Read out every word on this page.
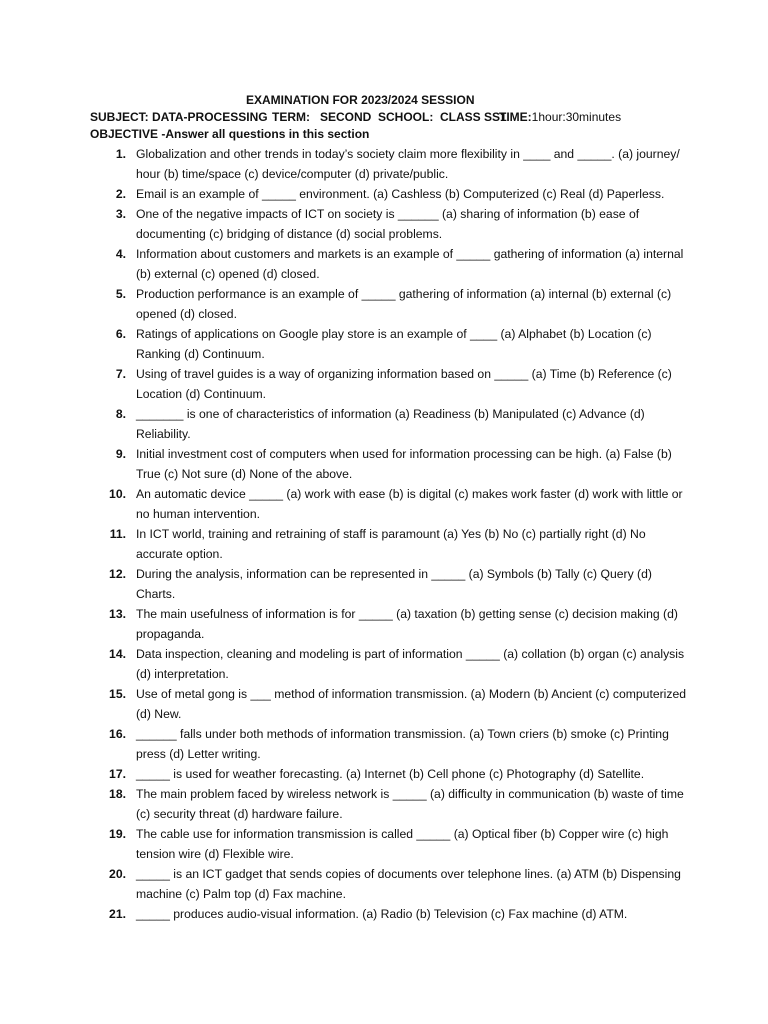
EXAMINATION FOR 2023/2024 SESSION
SUBJECT: DATA-PROCESSING TERM:   SECOND SCHOOL:  CLASS SS1TIME:1hour:30minutes
OBJECTIVE -Answer all questions in this section
1. Globalization and other trends in today’s society claim more flexibility in ____ and _____. (a) journey/ hour (b) time/space (c) device/computer (d) private/public.
2. Email is an example of _____ environment. (a) Cashless (b) Computerized (c) Real (d) Paperless.
3. One of the negative impacts of ICT on society is ______ (a) sharing of information (b) ease of documenting (c) bridging of distance (d) social problems.
4. Information about customers and markets is an example of _____ gathering of information (a) internal (b) external (c) opened (d) closed.
5. Production performance is an example of _____ gathering of information (a) internal (b) external (c) opened (d) closed.
6. Ratings of applications on Google play store is an example of ____ (a) Alphabet (b) Location (c) Ranking (d) Continuum.
7. Using of travel guides is a way of organizing information based on _____ (a) Time (b) Reference (c) Location (d) Continuum.
8. _______ is one of characteristics of information (a) Readiness (b) Manipulated (c) Advance (d) Reliability.
9. Initial investment cost of computers when used for information processing can be high. (a) False (b) True (c) Not sure (d) None of the above.
10. An automatic device _____ (a) work with ease (b) is digital (c) makes work faster (d) work with little or no human intervention.
11. In ICT world, training and retraining of staff is paramount (a) Yes (b) No (c) partially right (d) No accurate option.
12. During the analysis, information can be represented in _____ (a) Symbols (b) Tally (c) Query (d) Charts.
13. The main usefulness of information is for _____ (a) taxation (b) getting sense (c) decision making (d) propaganda.
14. Data inspection, cleaning and modeling is part of information _____ (a) collation (b) organ (c) analysis (d) interpretation.
15. Use of metal gong is ___ method of information transmission. (a) Modern (b) Ancient (c) computerized (d) New.
16. ______ falls under both methods of information transmission. (a) Town criers (b) smoke (c) Printing press (d) Letter writing.
17. _____ is used for weather forecasting. (a) Internet (b) Cell phone (c) Photography (d) Satellite.
18. The main problem faced by wireless network is _____ (a) difficulty in communication (b) waste of time (c) security threat (d) hardware failure.
19. The cable use for information transmission is called _____ (a) Optical fiber (b) Copper wire (c) high tension wire (d) Flexible wire.
20. _____ is an ICT gadget that sends copies of documents over telephone lines. (a) ATM (b) Dispensing machine (c) Palm top (d) Fax machine.
21. _____ produces audio-visual information. (a) Radio (b) Television (c) Fax machine (d) ATM.
